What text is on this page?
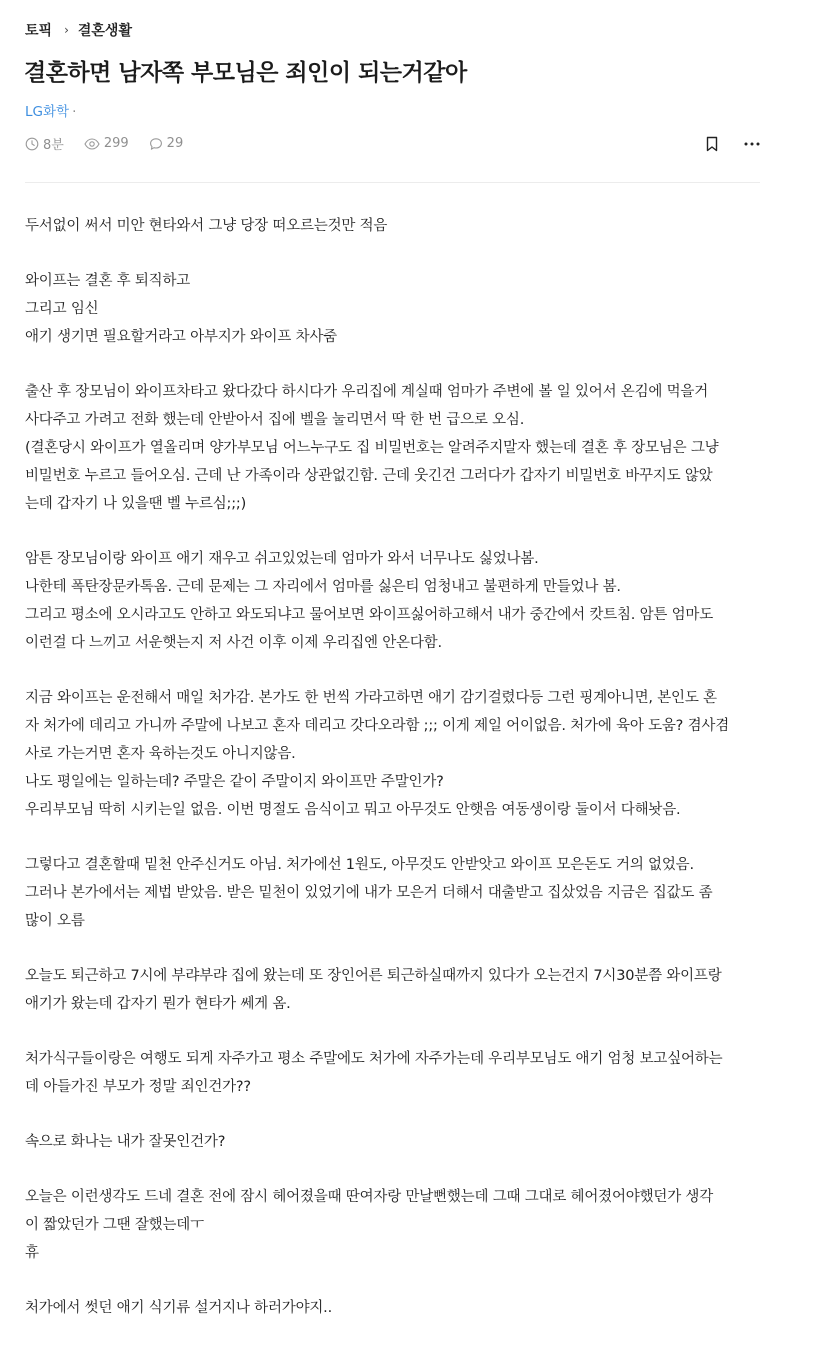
토픽 › 결혼생활
결혼하면 남자쪽 부모님은 죄인이 되는거같아
LG화학 ·
8분	299	29
두서없이 써서 미안 현타와서 그냥 당장 떠오르는것만 적음
와이프는 결혼 후 퇴직하고
그리고 임신
애기 생기면 필요할거라고 아부지가 와이프 차사줌
출산 후 장모님이 와이프차타고 왔다갔다 하시다가 우리집에 계실때 엄마가 주변에 볼 일 있어서 온김에 먹을거
사다주고 가려고 전화 했는데 안받아서 집에 벨을 눌리면서 딱 한 번 급으로 오심.
(결혼당시 와이프가 열올리며 양가부모님 어느누구도 집 비밀번호는 알려주지말자 했는데 결혼 후 장모님은 그냥
비밀번호 누르고 들어오심. 근데 난 가족이라 상관없긴함. 근데 웃긴건 그러다가 갑자기 비밀번호 바꾸지도 않았
는데 갑자기 나 있을땐 벨 누르심;;;)
암튼 장모님이랑 와이프 애기 재우고 쉬고있었는데 엄마가 와서 너무나도 싫었나봄.
나한테 폭탄장문카톡옴. 근데 문제는 그 자리에서 엄마를 싫은티 엄청내고 불편하게 만들었나 봄.
그리고 평소에 오시라고도 안하고 와도되냐고 물어보면 와이프싫어하고해서 내가 중간에서 캇트침. 암튼 엄마도
이런걸 다 느끼고 서운햇는지 저 사건 이후 이제 우리집엔 안온다함.
지금 와이프는 운전해서 매일 처가감. 본가도 한 번씩 가라고하면 애기 감기걸렸다등 그런 핑계아니면, 본인도 혼
자 처가에 데리고 가니까 주말에 나보고 혼자 데리고 갓다오라함 ;;; 이게 제일 어이없음. 처가에 육아 도움? 겸사겸
사로 가는거면 혼자 육하는것도 아니지않음.
나도 평일에는 일하는데? 주말은 같이 주말이지 와이프만 주말인가?
우리부모님 딱히 시키는일 없음. 이번 명절도 음식이고 뭐고 아무것도 안햇음 여동생이랑 둘이서 다해놧음.
그렇다고 결혼할때 밑천 안주신거도 아님. 처가에선 1원도, 아무것도 안받앗고 와이프 모은돈도 거의 없었음.
그러나 본가에서는 제법 받았음. 받은 밑천이 있었기에 내가 모은거 더해서 대출받고 집샀었음 지금은 집값도 좀
많이 오름
오늘도 퇴근하고 7시에 부랴부랴 집에 왔는데 또 장인어른 퇴근하실때까지 있다가 오는건지 7시30분쯤 와이프랑
애기가 왔는데 갑자기 뭔가 현타가 쎄게 옴.
처가식구들이랑은 여행도 되게 자주가고 평소 주말에도 처가에 자주가는데 우리부모님도 애기 엄청 보고싶어하는
데 아들가진 부모가 정말 죄인건가??
속으로 화나는 내가 잘못인건가?
오늘은 이런생각도 드네 결혼 전에 잠시 헤어졌을때 딴여자랑 만날뻔했는데 그때 그대로 헤어졌어야했던가 생각
이 짧았던가 그땐 잘했는데ㅜ
휴
처가에서 썻던 애기 식기류 설거지나 하러가야지..
